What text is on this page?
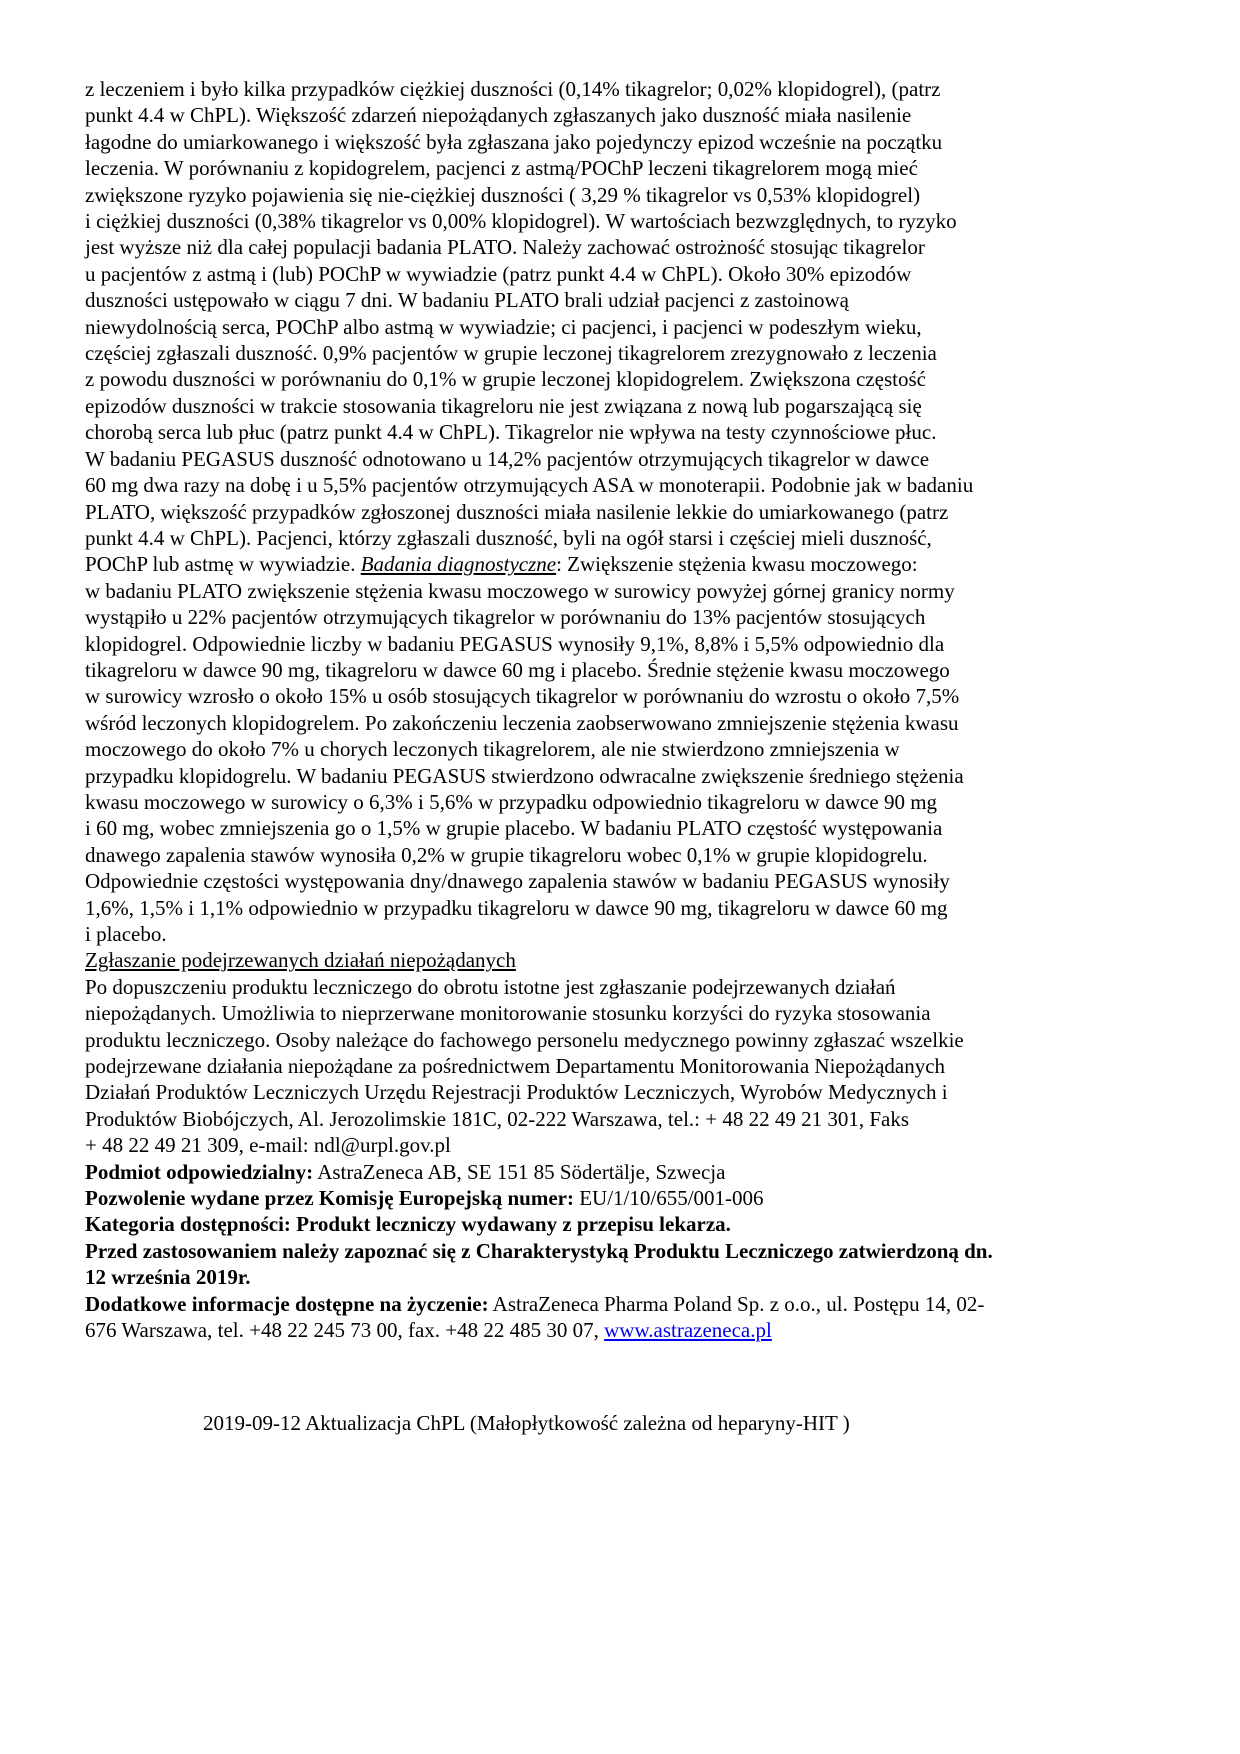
z leczeniem i było kilka przypadków ciężkiej duszności (0,14% tikagrelor; 0,02% klopidogrel), (patrz
punkt 4.4 w ChPL). Większość zdarzeń niepożądanych zgłaszanych jako duszność miała nasilenie
łagodne do umiarkowanego i większość była zgłaszana jako pojedynczy epizod wcześnie na początku
leczenia. W porównaniu z kopidogrelem, pacjenci z astmą/POChP leczeni tikagrelorem mogą mieć
zwiększone ryzyko pojawienia się nie-ciężkiej duszności ( 3,29 % tikagrelor vs 0,53% klopidogrel)
i ciężkiej duszności (0,38% tikagrelor vs 0,00% klopidogrel). W wartościach bezwzględnych, to ryzyko
jest wyższe niż dla całej populacji badania PLATO. Należy zachować ostrożność stosując tikagrelor
u pacjentów z astmą i (lub) POChP w wywiadzie (patrz punkt 4.4 w ChPL). Około 30% epizodów
duszności ustępowało w ciągu 7 dni. W badaniu PLATO brali udział pacjenci z zastoinową
niewydolnością serca, POChP albo astmą w wywiadzie; ci pacjenci, i pacjenci w podeszłym wieku,
częściej zgłaszali duszność. 0,9% pacjentów w grupie leczonej tikagrelorem zrezygnowało z leczenia
z powodu duszności w porównaniu do 0,1% w grupie leczonej klopidogrelem. Zwiększona częstość
epizodów duszności w trakcie stosowania tikagreloru nie jest związana z nową lub pogarszającą się
chorobą serca lub płuc (patrz punkt 4.4 w ChPL). Tikagrelor nie wpływa na testy czynnościowe płuc.
W badaniu PEGASUS duszność odnotowano u 14,2% pacjentów otrzymujących tikagrelor w dawce
60 mg dwa razy na dobę i u 5,5% pacjentów otrzymujących ASA w monoterapii. Podobnie jak w badaniu
PLATO, większość przypadków zgłoszonej duszności miała nasilenie lekkie do umiarkowanego (patrz
punkt 4.4 w ChPL). Pacjenci, którzy zgłaszali duszność, byli na ogół starsi i częściej mieli duszność,
POChP lub astmę w wywiadzie. Badania diagnostyczne: Zwiększenie stężenia kwasu moczowego:
w badaniu PLATO zwiększenie stężenia kwasu moczowego w surowicy powyżej górnej granicy normy
wystąpiło u 22% pacjentów otrzymujących tikagrelor w porównaniu do 13% pacjentów stosujących
klopidogrel. Odpowiednie liczby w badaniu PEGASUS wynosiły 9,1%, 8,8% i 5,5% odpowiednio dla
tikagreloru w dawce 90 mg, tikagreloru w dawce 60 mg i placebo. Średnie stężenie kwasu moczowego
w surowicy wzrosło o około 15% u osób stosujących tikagrelor w porównaniu do wzrostu o około 7,5%
wśród leczonych klopidogrelem. Po zakończeniu leczenia zaobserwowano zmniejszenie stężenia kwasu
moczowego do około 7% u chorych leczonych tikagrelorem, ale nie stwierdzono zmniejszenia w
przypadku klopidogrelu. W badaniu PEGASUS stwierdzono odwracalne zwiększenie średniego stężenia
kwasu moczowego w surowicy o 6,3% i 5,6% w przypadku odpowiednio tikagreloru w dawce 90 mg
i 60 mg, wobec zmniejszenia go o 1,5% w grupie placebo. W badaniu PLATO częstość występowania
dnawego zapalenia stawów wynosiła 0,2% w grupie tikagreloru wobec 0,1% w grupie klopidogrelu.
Odpowiednie częstości występowania dny/dnawego zapalenia stawów w badaniu PEGASUS wynosiły
1,6%, 1,5% i 1,1% odpowiednio w przypadku tikagreloru w dawce 90 mg, tikagreloru w dawce 60 mg
i placebo.
Zgłaszanie podejrzewanych działań niepożądanych
Po dopuszczeniu produktu leczniczego do obrotu istotne jest zgłaszanie podejrzewanych działań
niepożądanych. Umożliwia to nieprzerwane monitorowanie stosunku korzyści do ryzyka stosowania
produktu leczniczego. Osoby należące do fachowego personelu medycznego powinny zgłaszać wszelkie
podejrzewane działania niepożądane za pośrednictwem Departamentu Monitorowania Niepożądanych
Działań Produktów Leczniczych Urzędu Rejestracji Produktów Leczniczych, Wyrobów Medycznych i
Produktów Biobójczych, Al. Jerozolimskie 181C, 02-222 Warszawa, tel.: + 48 22 49 21 301, Faks
+ 48 22 49 21 309, e-mail: ndl@urpl.gov.pl
Podmiot odpowiedzialny: AstraZeneca AB, SE 151 85 Södertälje, Szwecja
Pozwolenie wydane przez Komisję Europejską numer: EU/1/10/655/001-006
Kategoria dostępności: Produkt leczniczy wydawany z przepisu lekarza.
Przed zastosowaniem należy zapoznać się z Charakterystyką Produktu Leczniczego zatwierdzoną dn.
12 września 2019r.
Dodatkowe informacje dostępne na życzenie: AstraZeneca Pharma Poland Sp. z o.o., ul. Postępu 14, 02-
676 Warszawa, tel. +48 22 245 73 00, fax. +48 22 485 30 07, www.astrazeneca.pl
2019-09-12 Aktualizacja ChPL (Małopłytkowość zależna od heparyny-HIT )
